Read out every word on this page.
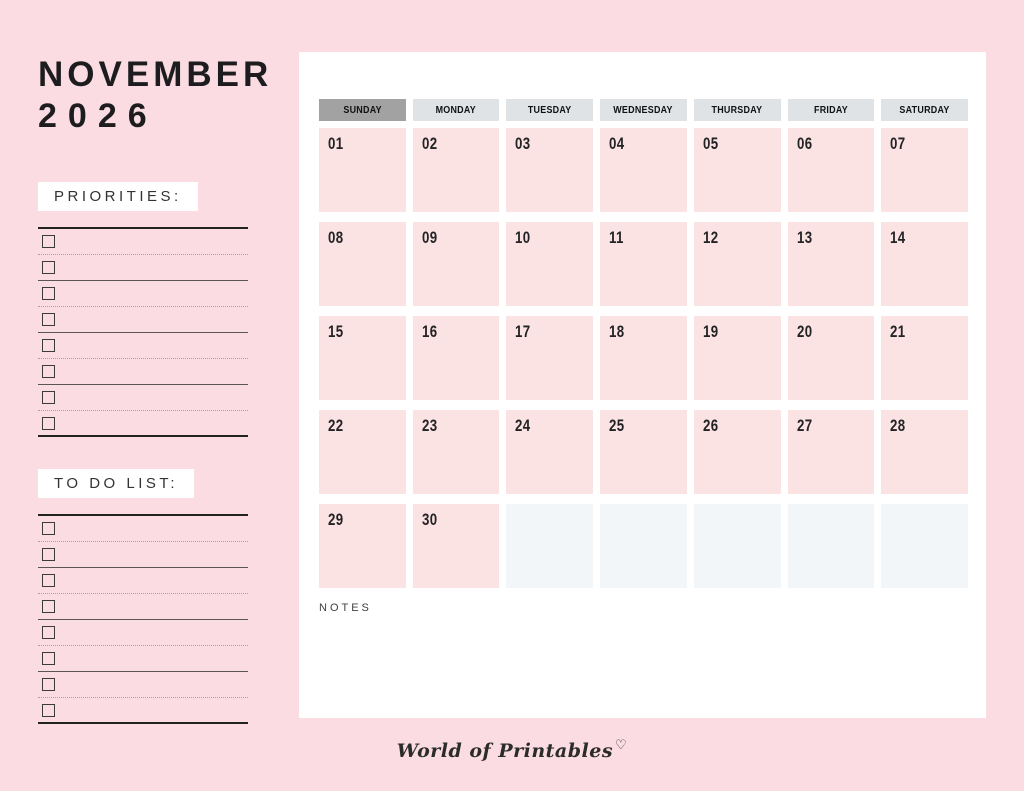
NOVEMBER
2026
PRIORITIES:
TO DO LIST:
SUNDAY	MONDAY	TUESDAY	WEDNESDAY	THURSDAY	FRIDAY	SATURDAY
01	02	03	04	05	06	07
08	09	10	11	12	13	14
15	16	17	18	19	20	21
22	23	24	25	26	27	28
29	30
NOTES
World of Printables ♡
